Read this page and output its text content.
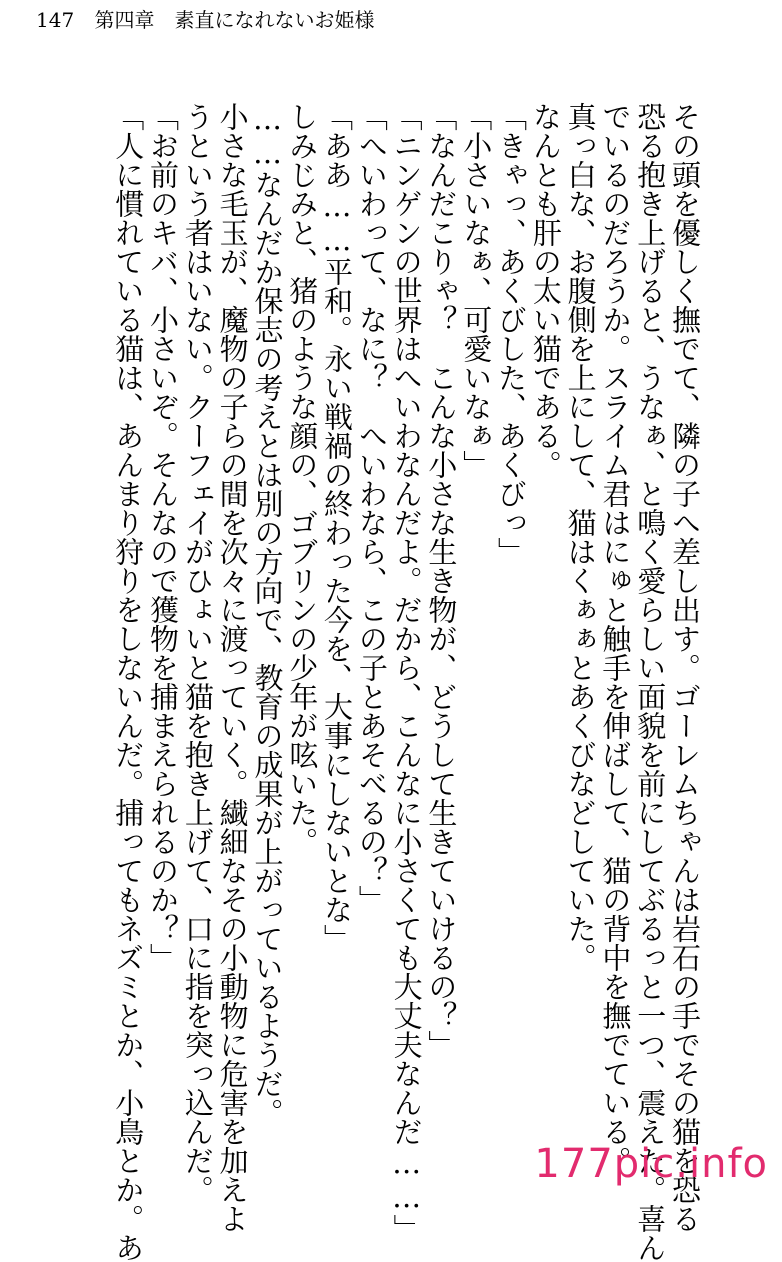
147 第四章　素直になれないお姫様
その頭を優しく撫でて、隣の子へ差し出す。ゴーレムちゃんは岩石の手でその猫を恐る
恐る抱き上げると、うなぁ、と鳴く愛らしい面貌を前にしてぶるっと一つ、震えた。喜ん
でいるのだろうか。スライム君はにゅと触手を伸ばして、猫の背中を撫でている。
真っ白な、お腹側を上にして、猫はくぁぁとあくびなどしていた。
なんとも肝の太い猫である。
「きゃっ、あくびした、あくびっ」
「小さいなぁ、可愛いなぁ」
「なんだこりゃ？　こんな小さな生き物が、どうして生きていけるの？」
「ニンゲンの世界はへいわなんだよ。だから、こんなに小さくても大丈夫なんだ……」
「へいわって、なに？　へいわなら、この子とあそべるの？」
「ああ……平和。永い戦禍の終わった今を、大事にしないとな」
しみじみと、猪のような顔の、ゴブリンの少年が呟いた。
……なんだか保志の考えとは別の方向で、教育の成果が上がっているようだ。
小さな毛玉が、魔物の子らの間を次々に渡っていく。繊細なその小動物に危害を加えよ
うという者はいない。クーフェイがひょいと猫を抱き上げて、口に指を突っ込んだ。
「お前のキバ、小さいぞ。そんなので獲物を捕まえられるのか？」
「人に慣れている猫は、あんまり狩りをしないんだ。捕ってもネズミとか、小鳥とか。あ	177pic.info
